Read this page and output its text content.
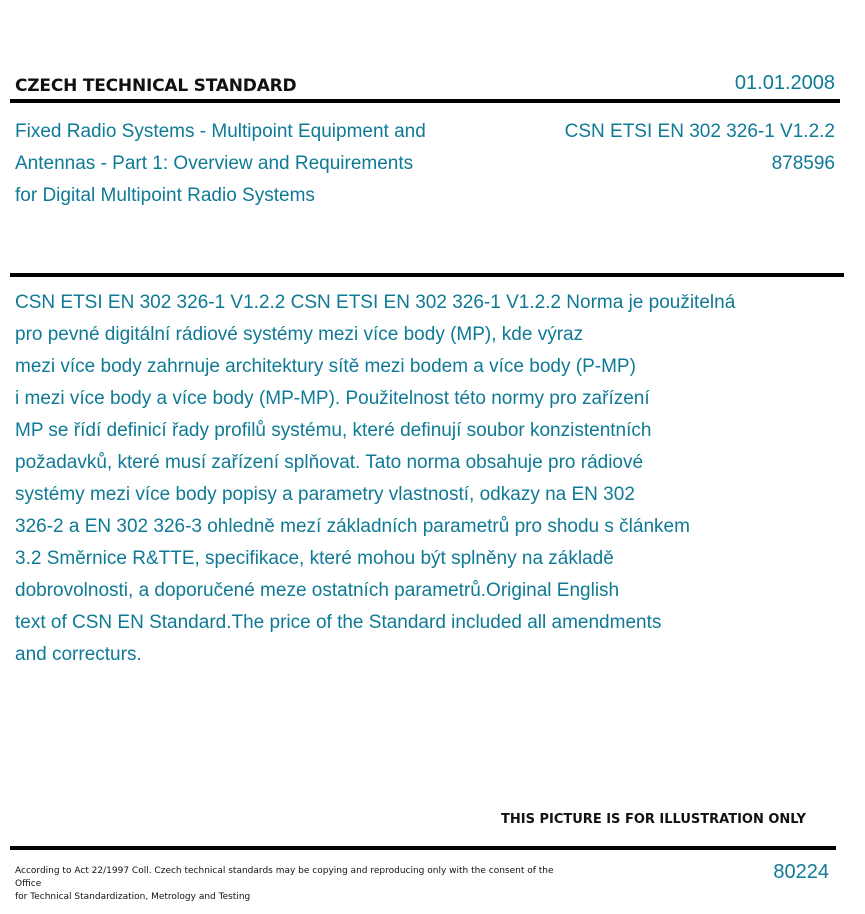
CZECH TECHNICAL STANDARD	01.01.2008
Fixed Radio Systems - Multipoint Equipment and
Antennas - Part 1: Overview and Requirements
for Digital Multipoint Radio Systems
CSN ETSI EN 302 326-1 V1.2.2
878596
CSN ETSI EN 302 326-1 V1.2.2 CSN ETSI EN 302 326-1 V1.2.2 Norma je použitelná
pro pevné digitální rádiové systémy mezi více body (MP), kde výraz
mezi více body zahrnuje architektury sítě mezi bodem a více body (P-MP)
i mezi více body a více body (MP-MP). Použitelnost této normy pro zařízení
MP se řídí definicí řady profilů systému, které definují soubor konzistentních
požadavků, které musí zařízení splňovat. Tato norma obsahuje pro rádiové
systémy mezi více body popisy a parametry vlastností, odkazy na EN 302
326-2 a EN 302 326-3 ohledně mezí základních parametrů pro shodu s článkem
3.2 Směrnice R&TTE, specifikace, které mohou být splněny na základě
dobrovolnosti, a doporučené meze ostatních parametrů.Original English
text of CSN EN Standard.The price of the Standard included all amendments
and correcturs.
THIS PICTURE IS FOR ILLUSTRATION ONLY
According to Act 22/1997 Coll. Czech technical standards may be copying and reproducing only with the consent of the Office
for Technical Standardization, Metrology and Testing
80224
